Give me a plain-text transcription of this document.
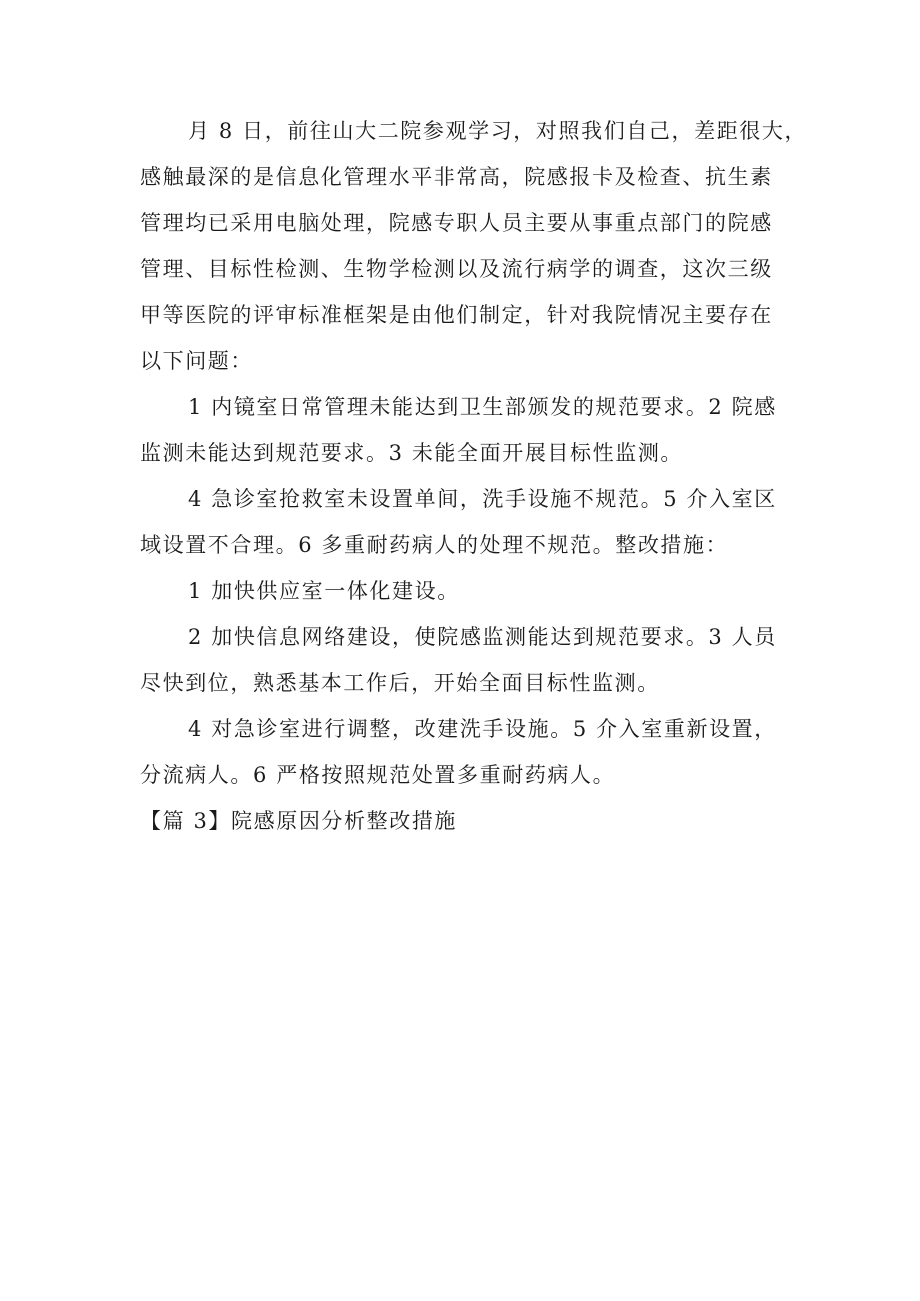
月 8 日，前往山大二院参观学习，对照我们自己，差距很大，
感触最深的是信息化管理水平非常高，院感报卡及检查、抗生素
管理均已采用电脑处理，院感专职人员主要从事重点部门的院感
管理、目标性检测、生物学检测以及流行病学的调查，这次三级
甲等医院的评审标准框架是由他们制定，针对我院情况主要存在
以下问题：

1 内镜室日常管理未能达到卫生部颁发的规范要求。2 院感
监测未能达到规范要求。3 未能全面开展目标性监测。

4 急诊室抢救室未设置单间，洗手设施不规范。5 介入室区
域设置不合理。6 多重耐药病人的处理不规范。整改措施：

1 加快供应室一体化建设。

2 加快信息网络建设，使院感监测能达到规范要求。3 人员
尽快到位，熟悉基本工作后，开始全面目标性监测。

4 对急诊室进行调整，改建洗手设施。5 介入室重新设置，
分流病人。6 严格按照规范处置多重耐药病人。

【篇 3】院感原因分析整改措施
